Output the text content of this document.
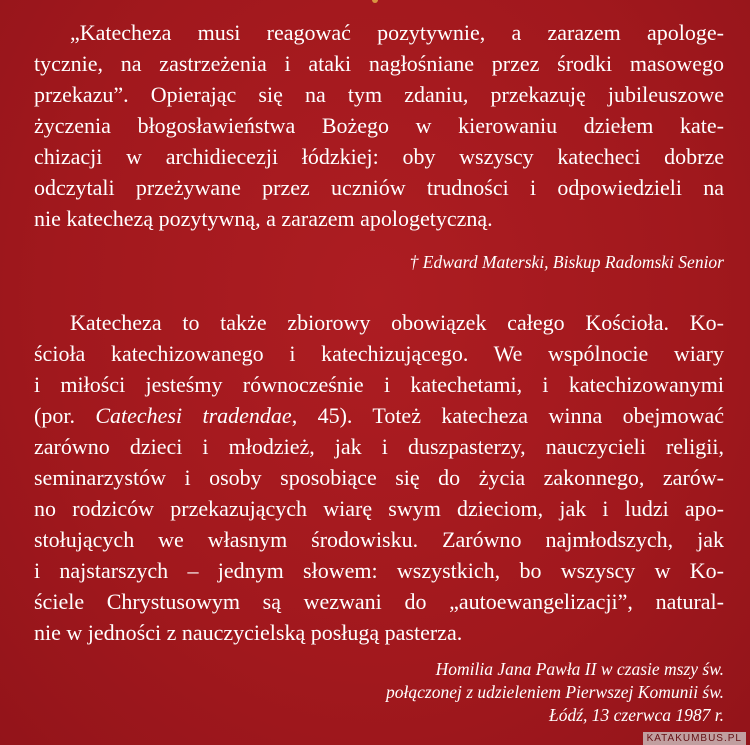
„Katecheza musi reagować pozytywnie, a zarazem apologe-
tycznie, na zastrzeżenia i ataki nagłośniane przez środki masowego
przekazu”. Opierając się na tym zdaniu, przekazuję jubileuszowe
życzenia błogosławieństwa Bożego w kierowaniu dziełem kate-
chizacji w archidiecezji łódzkiej: oby wszyscy katecheci dobrze
odczytali przeżywane przez uczniów trudności i odpowiedzieli na
nie katechezą pozytywną, a zarazem apologetyczną.
† Edward Materski, Biskup Radomski Senior
Katecheza to także zbiorowy obowiązek całego Kościoła. Ko-
ścioła katechizowanego i katechizującego. We wspólnocie wiary
i miłości jesteśmy równocześnie i katechetami, i katechizowanymi
(por. Catechesi tradendae, 45). Toteż katecheza winna obejmować
zarówno dzieci i młodzież, jak i duszpasterzy, nauczycieli religii,
seminarzystów i osoby sposobiące się do życia zakonnego, zarów-
no rodziców przekazujących wiarę swym dzieciom, jak i ludzi apo-
stołujących we własnym środowisku. Zarówno najmłodszych, jak
i najstarszych – jednym słowem: wszystkich, bo wszyscy w Ko-
ściele Chrystusowym są wezwani do „autoewangelizacji”, natural-
nie w jedności z nauczycielską posługą pasterza.
Homilia Jana Pawła II w czasie mszy św.
połączonej z udzieleniem Pierwszej Komunii św.
Łódź, 13 czerwca 1987 r.
KATAKUMBUS.PL
